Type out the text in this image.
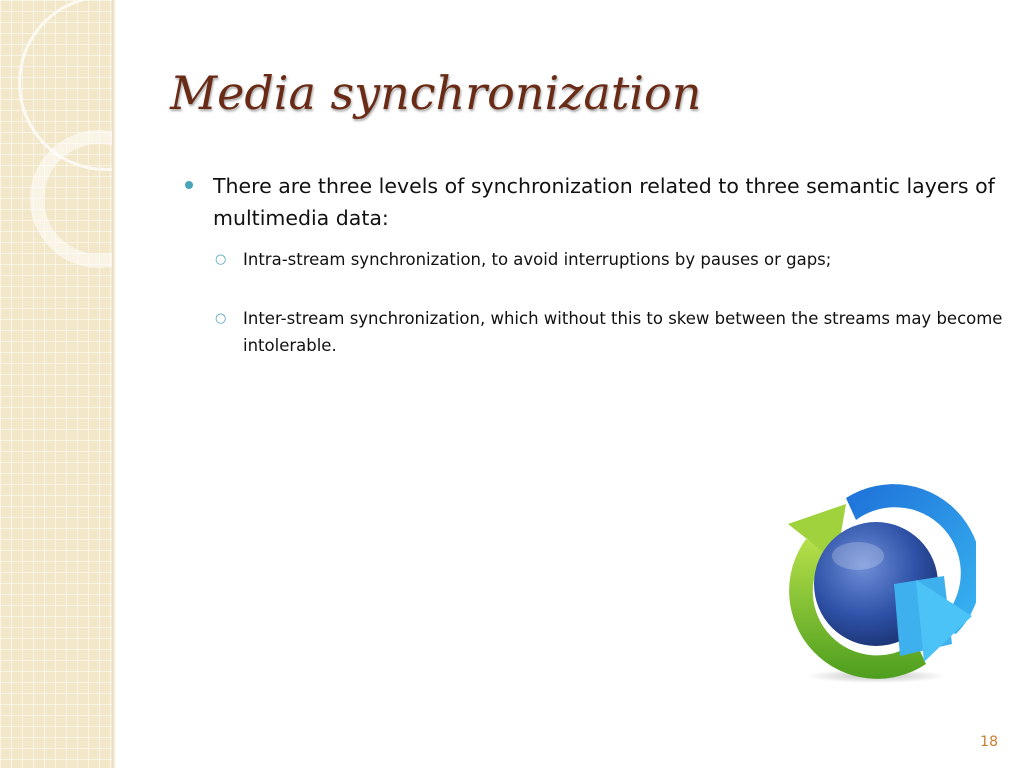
Media synchronization

There are three levels of synchronization related to three semantic layers of multimedia data:

○ Intra-stream synchronization, to avoid interruptions by pauses or gaps;

○ Inter-stream synchronization, which without this to skew between the streams may become intolerable.

18
